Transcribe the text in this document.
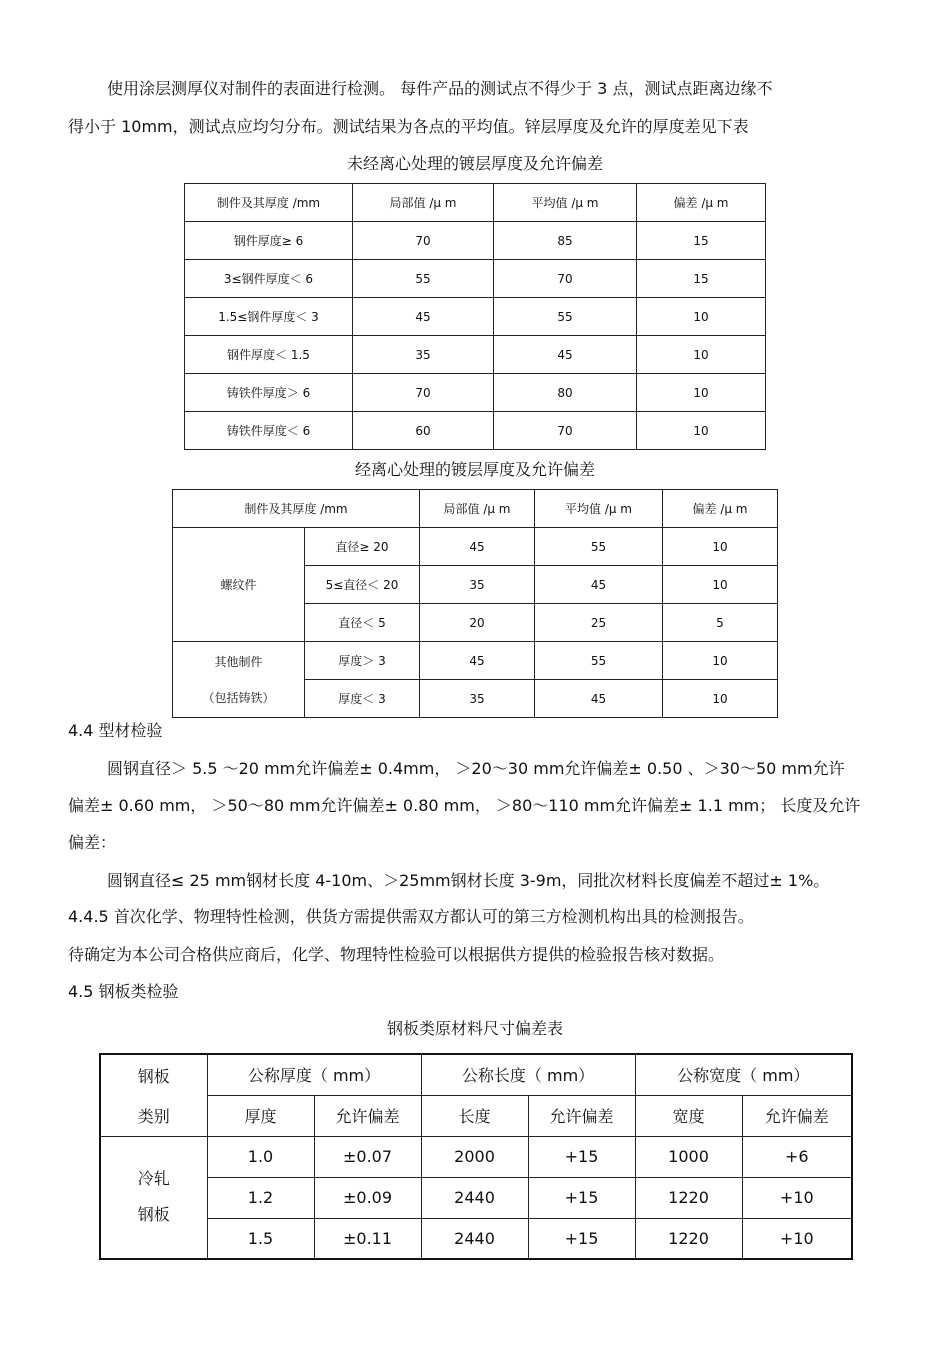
使用涂层测厚仪对制件的表面进行检测。 每件产品的测试点不得少于 3 点，测试点距离边缘不
得小于 10mm，测试点应均匀分布。测试结果为各点的平均值。锌层厚度及允许的厚度差见下表
未经离心处理的镀层厚度及允许偏差
制件及其厚度 /mm	局部值 /μ m	平均值 /μ m	偏差 /μ m
钢件厚度≥ 6	70	85	15
3≤钢件厚度＜ 6	55	70	15
1.5≤钢件厚度＜ 3	45	55	10
钢件厚度＜ 1.5	35	45	10
铸铁件厚度＞ 6	70	80	10
铸铁件厚度＜ 6	60	70	10
经离心处理的镀层厚度及允许偏差
制件及其厚度 /mm		局部值 /μ m	平均值 /μ m	偏差 /μ m
螺纹件	直径≥ 20	45	55	10
	5≤直径＜ 20	35	45	10
	直径＜ 5	20	25	5

其他制件
（包括铸铁）	厚度＞ 3	45	55	10
	厚度＜ 3	35	45	10
4.4 型材检验
圆钢直径＞ 5.5 ～20 mm允许偏差± 0.4mm， ＞20～30 mm允许偏差± 0.50 、＞30～50 mm允许
偏差± 0.60 mm， ＞50～80 mm允许偏差± 0.80 mm， ＞80～110 mm允许偏差± 1.1 mm； 长度及允许
偏差：
圆钢直径≤ 25 mm钢材长度 4-10m、＞25mm钢材长度 3-9m，同批次材料长度偏差不超过± 1%。
4.4.5 首次化学、物理特性检测，供货方需提供需双方都认可的第三方检测机构出具的检测报告。
待确定为本公司合格供应商后，化学、物理特性检验可以根据供方提供的检验报告核对数据。
4.5 钢板类检验
钢板类原材料尺寸偏差表
钢板	公称厚度（ mm）		公称长度（ mm）		公称宽度（ mm）	
类别	厚度	允许偏差	长度	允许偏差	宽度	允许偏差

冷轧
钢板	1.0	±0.07	2000	+15	1000	+6
	1.2	±0.09	2440	+15	1220	+10
	1.5	±0.11	2440	+15	1220	+10
